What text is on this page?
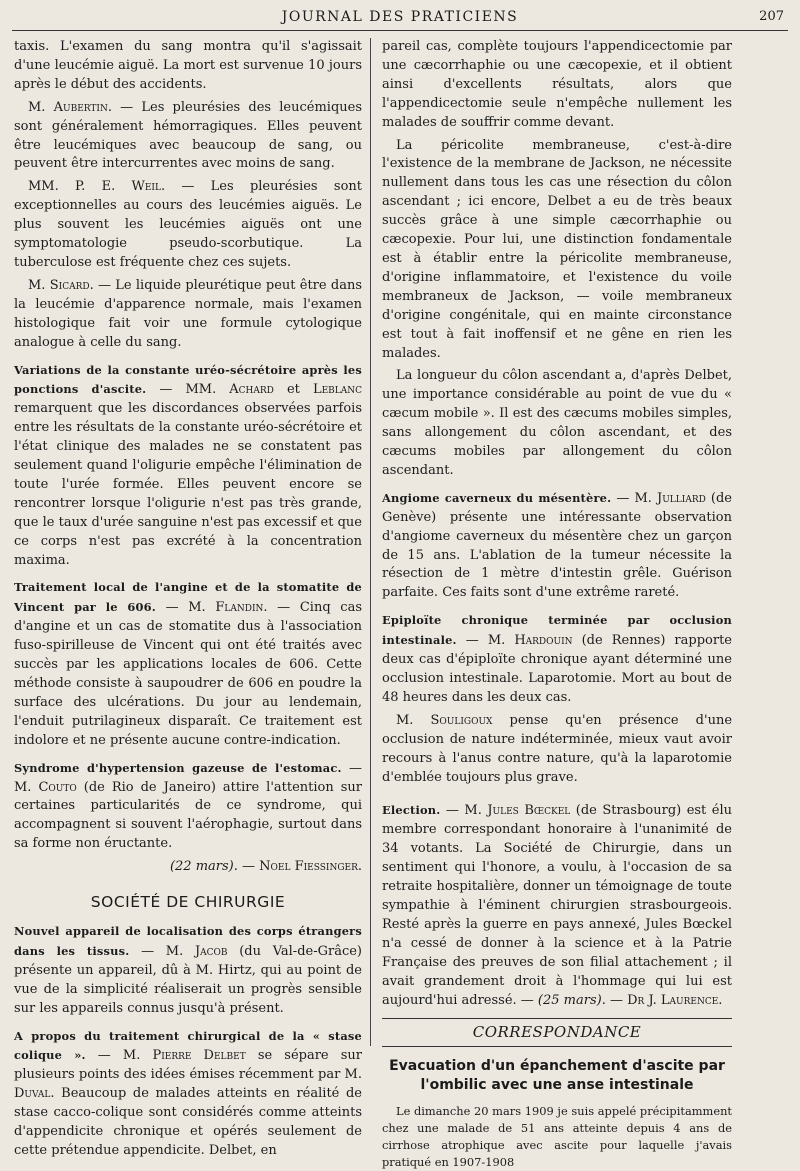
JOURNAL DES PRATICIENS	207

taxis. L'examen du sang montra qu'il s'agissait d'une leucémie aiguë. La mort est survenue 10 jours après le début des accidents.

M. Aubertin. — Les pleurésies des leucémiques sont généralement hémorragiques. Elles peuvent être leucémiques avec beaucoup de sang, ou peuvent être intercurrentes avec moins de sang.

MM. P. E. Weil. — Les pleurésies sont exceptionnelles au cours des leucémies aiguës. Le plus souvent les leucémies aiguës ont une symptomatologie pseudo-scorbutique. La tuberculose est fréquente chez ces sujets.

M. Sicard. — Le liquide pleurétique peut être dans la leucémie d'apparence normale, mais l'examen histologique fait voir une formule cytologique analogue à celle du sang.

Variations de la constante uréo-sécrétoire après les ponctions d'ascite. — MM. Achard et Leblanc remarquent que les discordances observées parfois entre les résultats de la constante uréo-sécrétoire et l'état clinique des malades ne se constatent pas seulement quand l'oligurie empêche l'élimination de toute l'urée formée. Elles peuvent encore se rencontrer lorsque l'oligurie n'est pas très grande, que le taux d'urée sanguine n'est pas excessif et que ce corps n'est pas excrété à la concentration maxima.

Traitement local de l'angine et de la stomatite de Vincent par le 606. — M. Flandin. — Cinq cas d'angine et un cas de stomatite dus à l'association fuso-spirilleuse de Vincent qui ont été traités avec succès par les applications locales de 606. Cette méthode consiste à saupoudrer de 606 en poudre la surface des ulcérations. Du jour au lendemain, l'enduit putrilagineux disparaît. Ce traitement est indolore et ne présente aucune contre-indication.

Syndrome d'hypertension gazeuse de l'estomac. — M. Couto (de Rio de Janeiro) attire l'attention sur certaines particularités de ce syndrome, qui accompagnent si souvent l'aérophagie, surtout dans sa forme non éructante.

(22 mars). — Noel Fiessinger.

SOCIÉTÉ DE CHIRURGIE

Nouvel appareil de localisation des corps étrangers dans les tissus. — M. Jacob (du Val-de-Grâce) présente un appareil, dû à M. Hirtz, qui au point de vue de la simplicité réaliserait un progrès sensible sur les appareils connus jusqu'à présent.

A propos du traitement chirurgical de la « stase colique ». — M. Pierre Delbet se sépare sur plusieurs points des idées émises récemment par M. Duval. Beaucoup de malades atteints en réalité de stase cacco-colique sont considérés comme atteints d'appendicite chronique et opérés seulement de cette prétendue appendicite. Delbet, en

pareil cas, complète toujours l'appendicectomie par une cæcorrhaphie ou une cæcopexie, et il obtient ainsi d'excellents résultats, alors que l'appendicectomie seule n'empêche nullement les malades de souffrir comme devant.

La péricolite membraneuse, c'est-à-dire l'existence de la membrane de Jackson, ne nécessite nullement dans tous les cas une résection du côlon ascendant ; ici encore, Delbet a eu de très beaux succès grâce à une simple cæcorrhaphie ou cæcopexie. Pour lui, une distinction fondamentale est à établir entre la péricolite membraneuse, d'origine inflammatoire, et l'existence du voile membraneux de Jackson, — voile membraneux d'origine congénitale, qui en mainte circonstance est tout à fait inoffensif et ne gêne en rien les malades.

La longueur du côlon ascendant a, d'après Delbet, une importance considérable au point de vue du « cæcum mobile ». Il est des cæcums mobiles simples, sans allongement du côlon ascendant, et des cæcums mobiles par allongement du côlon ascendant.

Angiome caverneux du mésentère. — M. Julliard (de Genève) présente une intéressante observation d'angiome caverneux du mésentère chez un garçon de 15 ans. L'ablation de la tumeur nécessite la résection de 1 mètre d'intestin grêle. Guérison parfaite. Ces faits sont d'une extrême rareté.

Epiploïte chronique terminée par occlusion intestinale. — M. Hardouin (de Rennes) rapporte deux cas d'épiploïte chronique ayant déterminé une occlusion intestinale. Laparotomie. Mort au bout de 48 heures dans les deux cas.

M. Souligoux pense qu'en présence d'une occlusion de nature indéterminée, mieux vaut avoir recours à l'anus contre nature, qu'à la laparotomie d'emblée toujours plus grave.

Election. — M. Jules Bœckel (de Strasbourg) est élu membre correspondant honoraire à l'unanimité de 34 votants. La Société de Chirurgie, dans un sentiment qui l'honore, a voulu, à l'occasion de sa retraite hospitalière, donner un témoignage de toute sympathie à l'éminent chirurgien strasbourgeois. Resté après la guerre en pays annexé, Jules Bœckel n'a cessé de donner à la science et à la Patrie Française des preuves de son filial attachement ; il avait grandement droit à l'hommage qui lui est aujourd'hui adressé. — (25 mars). — Dr J. Laurence.

CORRESPONDANCE
Evacuation d'un épanchement d'ascite par l'ombilic avec une anse intestinale

Le dimanche 20 mars 1909 je suis appelé précipitamment chez une malade de 51 ans atteinte depuis 4 ans de cirrhose atrophique avec ascite pour laquelle j'avais pratiqué en 1907-1908
